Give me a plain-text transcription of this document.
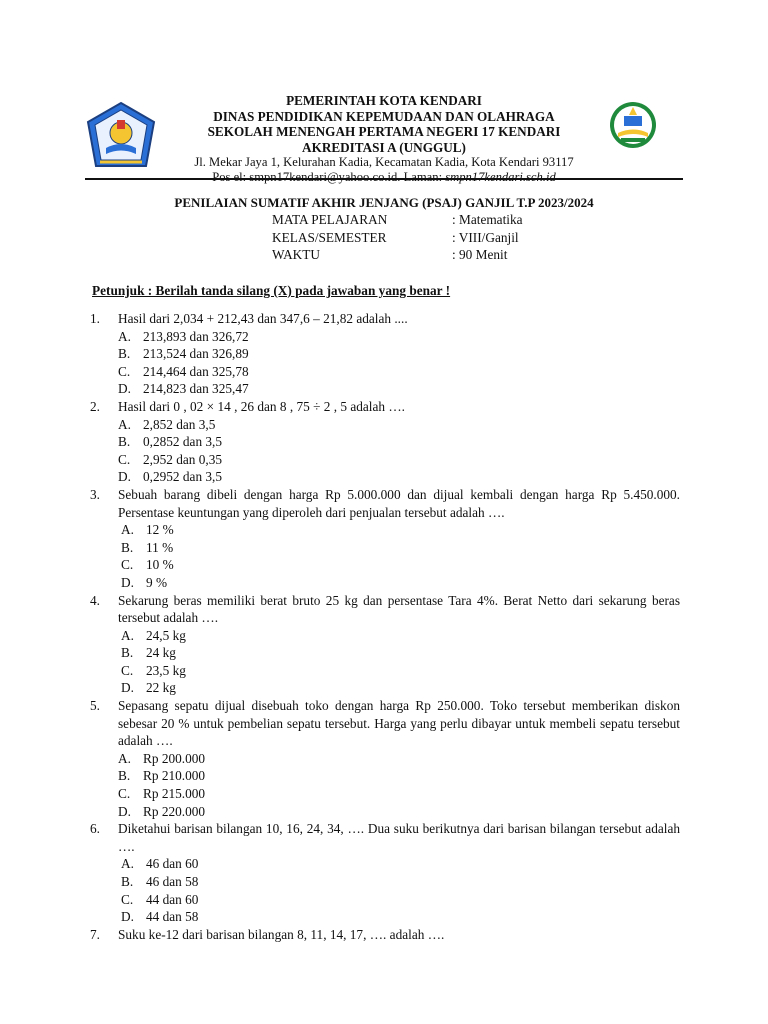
PEMERINTAH KOTA KENDARI
DINAS PENDIDIKAN KEPEMUDAAN DAN OLAHRAGA
SEKOLAH MENENGAH PERTAMA NEGERI 17 KENDARI
AKREDITASI A (UNGGUL)
Jl. Mekar Jaya 1, Kelurahan Kadia, Kecamatan Kadia, Kota Kendari 93117
Pos el: smpn17kendari@yahoo.co.id. Laman: smpn17kendari.sch.id
PENILAIAN SUMATIF AKHIR JENJANG (PSAJ) GANJIL T.P 2023/2024
MATA PELAJARAN	: Matematika
KELAS/SEMESTER	: VIII/Ganjil
WAKTU	: 90 Menit
Petunjuk : Berilah tanda silang (X) pada jawaban yang benar !
1. Hasil dari 2,034 + 212,43 dan 347,6 – 21,82 adalah ....
A. 213,893 dan 326,72
B. 213,524 dan 326,89
C. 214,464 dan 325,78
D. 214,823 dan 325,47
2. Hasil dari 0 , 02 × 14 , 26 dan 8 , 75 ÷ 2 , 5 adalah ….
A. 2,852 dan 3,5
B. 0,2852 dan 3,5
C. 2,952 dan 0,35
D. 0,2952 dan 3,5
3. Sebuah barang dibeli dengan harga Rp 5.000.000 dan dijual kembali dengan harga Rp 5.450.000. Persentase keuntungan yang diperoleh dari penjualan tersebut adalah ….
A. 12 %
B. 11 %
C. 10 %
D. 9 %
4. Sekarung beras memiliki berat bruto 25 kg dan persentase Tara 4%. Berat Netto dari sekarung beras tersebut adalah ….
A. 24,5 kg
B. 24 kg
C. 23,5 kg
D. 22 kg
5. Sepasang sepatu dijual disebuah toko dengan harga Rp 250.000. Toko tersebut memberikan diskon sebesar 20 % untuk pembelian sepatu tersebut. Harga yang perlu dibayar untuk membeli sepatu tersebut adalah ….
A. Rp 200.000
B. Rp 210.000
C. Rp 215.000
D. Rp 220.000
6. Diketahui barisan bilangan 10, 16, 24, 34, …. Dua suku berikutnya dari barisan bilangan tersebut adalah ….
A. 46 dan 60
B. 46 dan 58
C. 44 dan 60
D. 44 dan 58
7. Suku ke-12 dari barisan bilangan 8, 11, 14, 17, …. adalah ….
